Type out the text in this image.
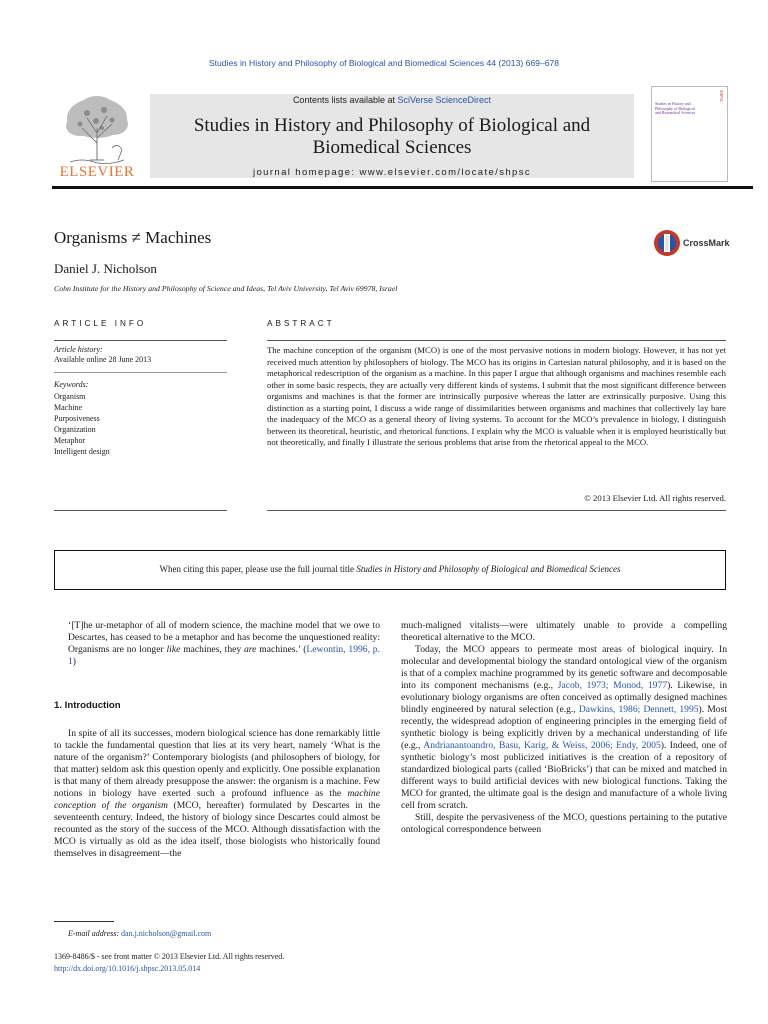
Studies in History and Philosophy of Biological and Biomedical Sciences 44 (2013) 669–678
ELSEVIER
Contents lists available at SciVerse ScienceDirect
Studies in History and Philosophy of Biological and
Biomedical Sciences
journal homepage: www.elsevier.com/locate/shpsc
Studies in History and Philosophy of Biological and Biomedical Sciences
SHPSC
Organisms ≠ Machines	CrossMark
Daniel J. Nicholson
Cohn Institute for the History and Philosophy of Science and Ideas, Tel Aviv University, Tel Aviv 69978, Israel
ARTICLE INFO	ABSTRACT
Article history:
Available online 28 June 2013
Keywords:
Organism
Machine
Purposiveness
Organization
Metaphor
Intelligent design
The machine conception of the organism (MCO) is one of the most pervasive notions in modern biology. However, it has not yet received much attention by philosophers of biology. The MCO has its origins in Cartesian natural philosophy, and it is based on the metaphorical redescription of the organism as a machine. In this paper I argue that although organisms and machines resemble each other in some basic respects, they are actually very different kinds of systems. I submit that the most significant difference between organisms and machines is that the former are intrinsically purposive whereas the latter are extrinsically purposive. Using this distinction as a starting point, I discuss a wide range of dissimilarities between organisms and machines that collectively lay bare the inadequacy of the MCO as a general theory of living systems. To account for the MCO’s prevalence in biology, I distinguish between its theoretical, heuristic, and rhetorical functions. I explain why the MCO is valuable when it is employed heuristically but not theoretically, and finally I illustrate the serious problems that arise from the rhetorical appeal to the MCO.
© 2013 Elsevier Ltd. All rights reserved.
When citing this paper, please use the full journal title Studies in History and Philosophy of Biological and Biomedical Sciences
‘[T]he ur-metaphor of all of modern science, the machine model that we owe to Descartes, has ceased to be a metaphor and has become the unquestioned reality: Organisms are no longer like machines, they are machines.’ (Lewontin, 1996, p. 1)
1. Introduction
In spite of all its successes, modern biological science has done remarkably little to tackle the fundamental question that lies at its very heart, namely ‘What is the nature of the organism?’ Contemporary biologists (and philosophers of biology, for that matter) seldom ask this question openly and explicitly. One possible explanation is that many of them already presuppose the answer: the organism is a machine. Few notions in biology have exerted such a profound influence as the machine conception of the organism (MCO, hereafter) formulated by Descartes in the seventeenth century. Indeed, the history of biology since Descartes could almost be recounted as the story of the success of the MCO. Although dissatisfaction with the MCO is virtually as old as the idea itself, those biologists who historically found themselves in disagreement—the

much-maligned vitalists—were ultimately unable to provide a compelling theoretical alternative to the MCO.

Today, the MCO appears to permeate most areas of biological inquiry. In molecular and developmental biology the standard ontological view of the organism is that of a complex machine programmed by its genetic software and decomposable into its component mechanisms (e.g., Jacob, 1973; Monod, 1977). Likewise, in evolutionary biology organisms are often conceived as optimally designed machines blindly engineered by natural selection (e.g., Dawkins, 1986; Dennett, 1995). Most recently, the widespread adoption of engineering principles in the emerging field of synthetic biology is being explicitly driven by a mechanical understanding of life (e.g., Andrianantoandro, Basu, Karig, & Weiss, 2006; Endy, 2005). Indeed, one of synthetic biology’s most publicized initiatives is the creation of a repository of standardized biological parts (called ‘BioBricks’) that can be mixed and matched in different ways to build artificial devices with new biological functions. Taking the MCO for granted, the ultimate goal is the design and manufacture of a whole living cell from scratch.

Still, despite the pervasiveness of the MCO, questions pertaining to the putative ontological correspondence between

E-mail address: dan.j.nicholson@gmail.com
1369-8486/$ - see front matter © 2013 Elsevier Ltd. All rights reserved.
http://dx.doi.org/10.1016/j.shpsc.2013.05.014
